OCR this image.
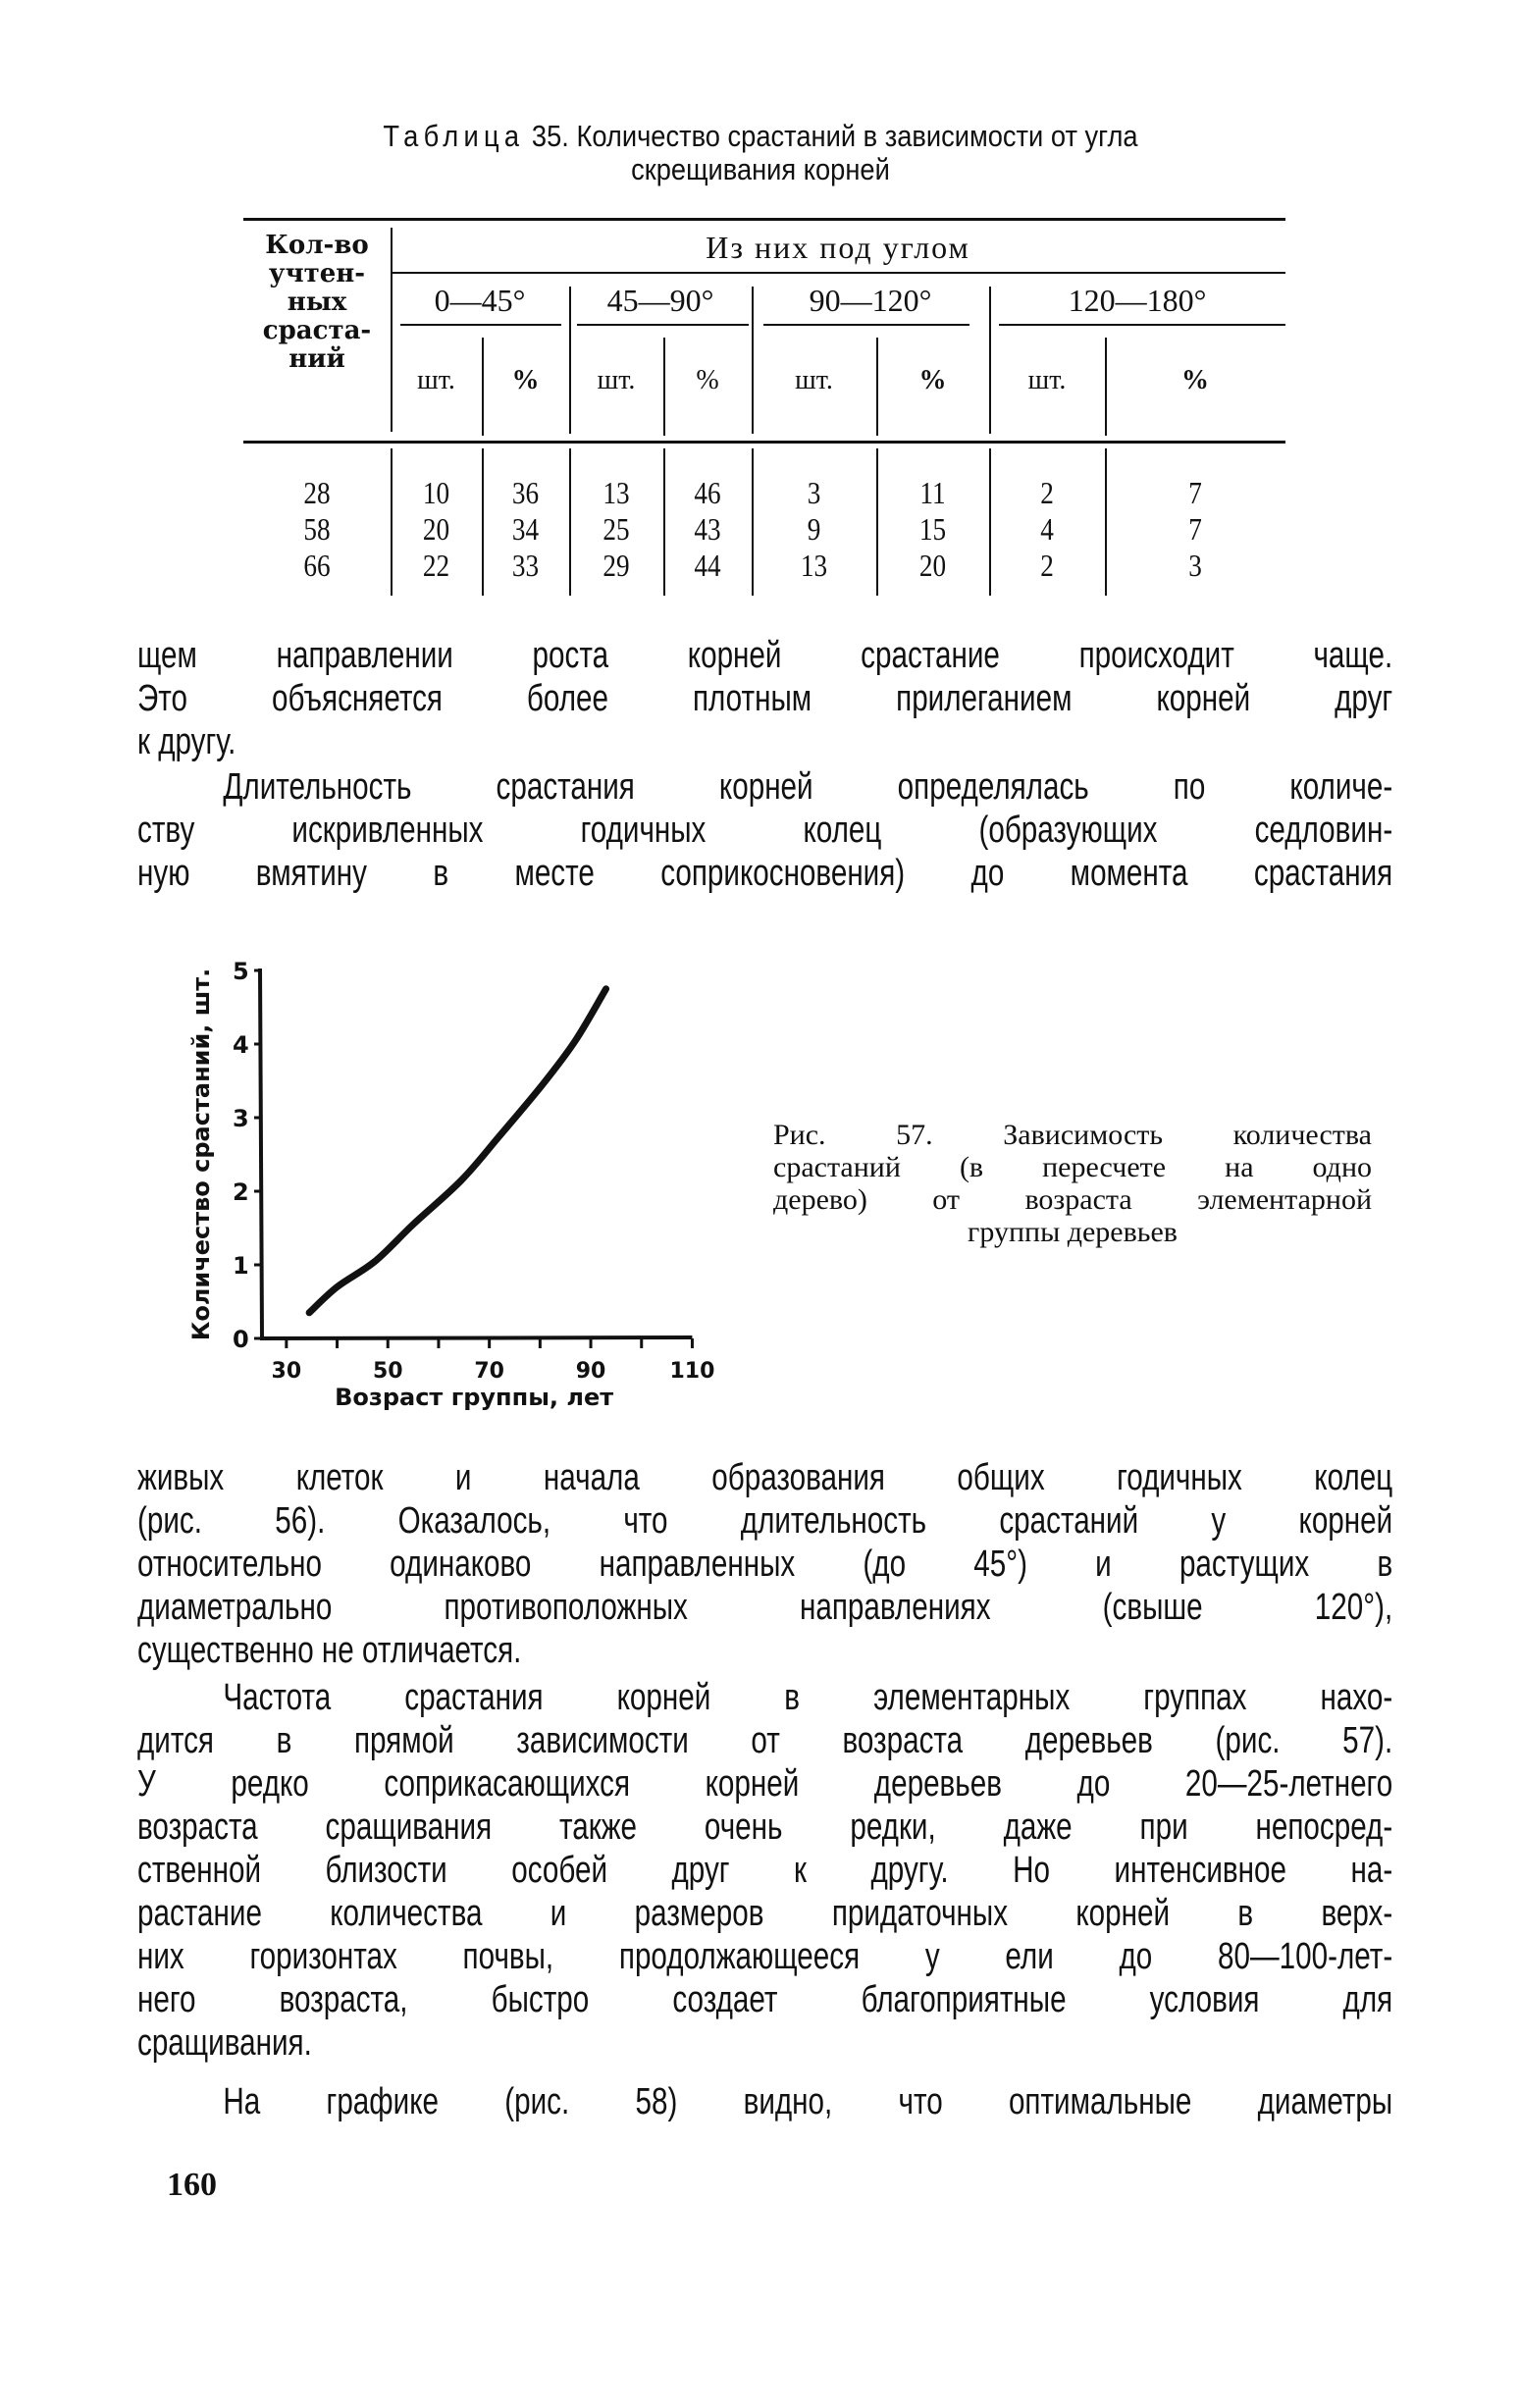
Таблица 35. Количество срастаний в зависимости от угла
скрещивания корней
Кол-во
учтен-
ных
сраста-
ний
Из них под углом
0—45°	45—90°	90—120°	120—180°
шт.	%	шт.	%	шт.	%	шт.	%
28	10	36	13	46	3	11	2	7
58	20	34	25	43	9	15	4	7
66	22	33	29	44	13	20	2	3
щем направлении роста корней срастание происходит чаще.
Это объясняется более плотным прилеганием корней друг
к другу.
Длительность срастания корней определялась по количе-
ству искривленных годичных колец (образующих седловин-
ную вмятину в месте соприкосновения) до момента срастания
0
1
2
3
4
5
30	50	70	90	110
Возраст группы, лет
Количество срастаний, шт.	Рис. 57. Зависимость количества
срастаний (в пересчете на одно
дерево) от возраста элементарной
группы деревьев
живых клеток и начала образования общих годичных колец
(рис. 56). Оказалось, что длительность срастаний у корней
относительно одинаково направленных (до 45°) и растущих в
диаметрально противоположных направлениях (свыше 120°),
существенно не отличается.
Частота срастания корней в элементарных группах нахо-
дится в прямой зависимости от возраста деревьев (рис. 57).
У редко соприкасающихся корней деревьев до 20—25-летнего
возраста сращивания также очень редки, даже при непосред-
ственной близости особей друг к другу. Но интенсивное на-
растание количества и размеров придаточных корней в верх-
них горизонтах почвы, продолжающееся у ели до 80—100-лет-
него возраста, быстро создает благоприятные условия для
сращивания.
На графике (рис. 58) видно, что оптимальные диаметры
160
